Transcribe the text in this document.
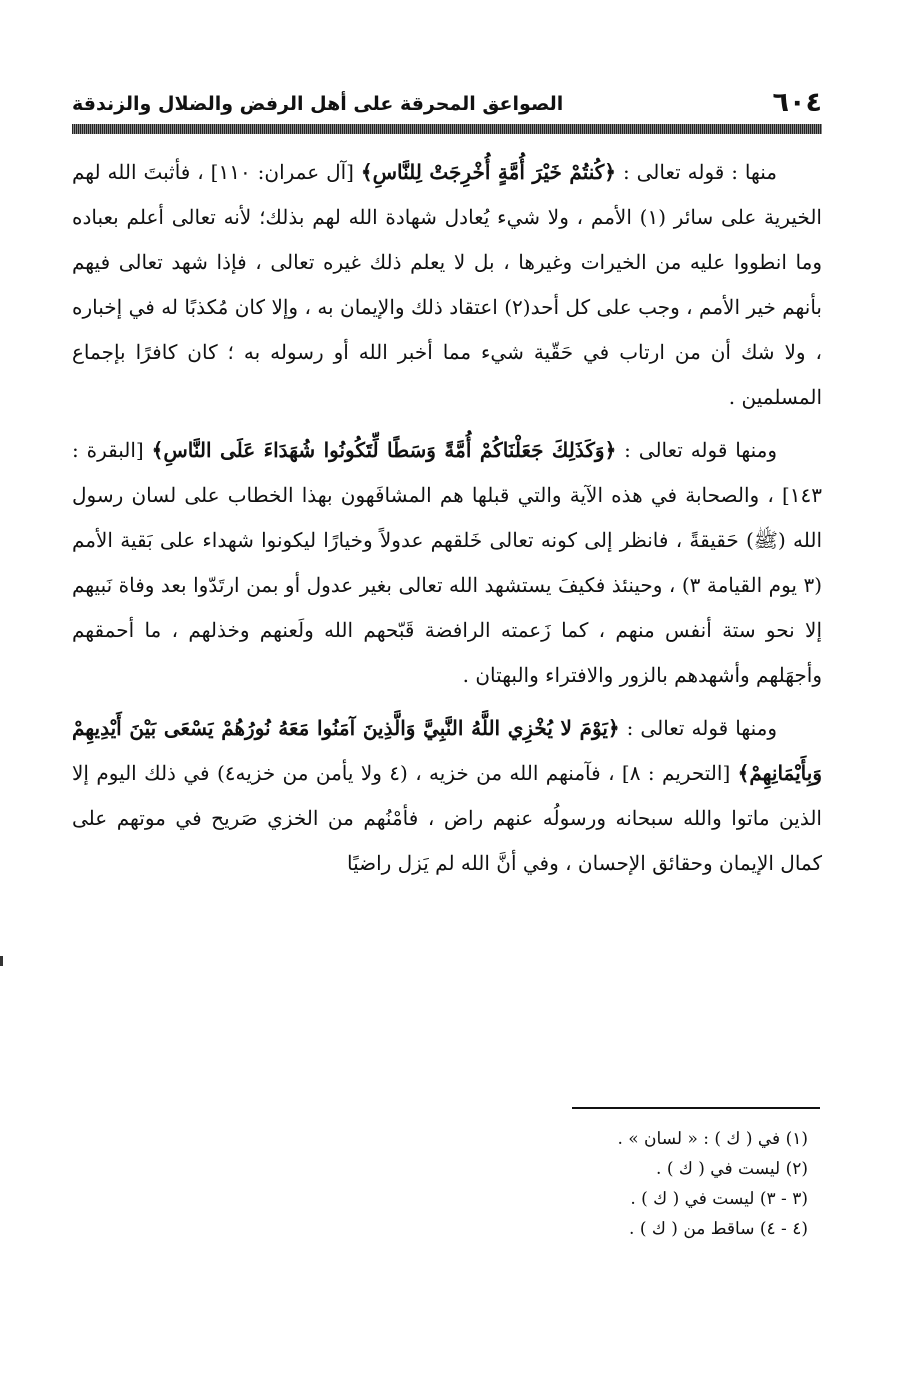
٦٠٤
الصواعق المحرقة على أهل الرفض والضلال والزندقة

منها : قوله تعالى : ﴿كُنتُمْ خَيْرَ أُمَّةٍ أُخْرِجَتْ لِلنَّاسِ﴾ [آل عمران: ١١٠] ، فأثبتَ الله لهم الخيرية على سائر (١) الأمم ، ولا شيء يُعادل شهادة الله لهم بذلك؛ لأنه تعالى أعلم بعباده وما انطووا عليه من الخيرات وغيرها ، بل لا يعلم ذلك غيره تعالى ، فإذا شهد تعالى فيهم بأنهم خير الأمم ، وجب على كل أحد(٢) اعتقاد ذلك والإيمان به ، وإلا كان مُكذبًا له في إخباره ، ولا شك أن من ارتاب في حَقّية شيء مما أخبر الله أو رسوله به ؛ كان كافرًا بإجماع المسلمين .

ومنها قوله تعالى : ﴿وَكَذَلِكَ جَعَلْنَاكُمْ أُمَّةً وَسَطًا لِّتَكُونُوا شُهَدَاءَ عَلَى النَّاسِ﴾ [البقرة : ١٤٣] ، والصحابة في هذه الآية والتي قبلها هم المشافَهون بهذا الخطاب على لسان رسول الله (ﷺ) حَقيقةً ، فانظر إلى كونه تعالى خَلقهم عدولاً وخيارًا ليكونوا شهداء على بَقية الأمم (٣ يوم القيامة ٣) ، وحينئذ فكيفَ يستشهد الله تعالى بغير عدول أو بمن ارتَدّوا بعد وفاة نَبيهم إلا نحو ستة أنفس منهم ، كما زَعمته الرافضة قَبّحهم الله ولَعنهم وخذلهم ، ما أحمقهم وأجهَلهم وأشهدهم بالزور والافتراء والبهتان .

ومنها قوله تعالى : ﴿يَوْمَ لا يُخْزِي اللَّهُ النَّبِيَّ وَالَّذِينَ آمَنُوا مَعَهُ نُورُهُمْ يَسْعَى بَيْنَ أَيْدِيهِمْ وَبِأَيْمَانِهِمْ﴾ [التحريم : ٨] ، فآمنهم الله من خزيه ، (٤ ولا يأمن من خزيه٤) في ذلك اليوم إلا الذين ماتوا والله سبحانه ورسولُه عنهم راض ، فأمْنُهم من الخزي صَريح في موتهم على كمال الإيمان وحقائق الإحسان ، وفي أنَّ الله لم يَزل راضيًا

(١) في ( ك ) : « لسان » .

(٢) ليست في ( ك ) .

(٣ - ٣) ليست في ( ك ) .

(٤ - ٤) ساقط من ( ك ) .
